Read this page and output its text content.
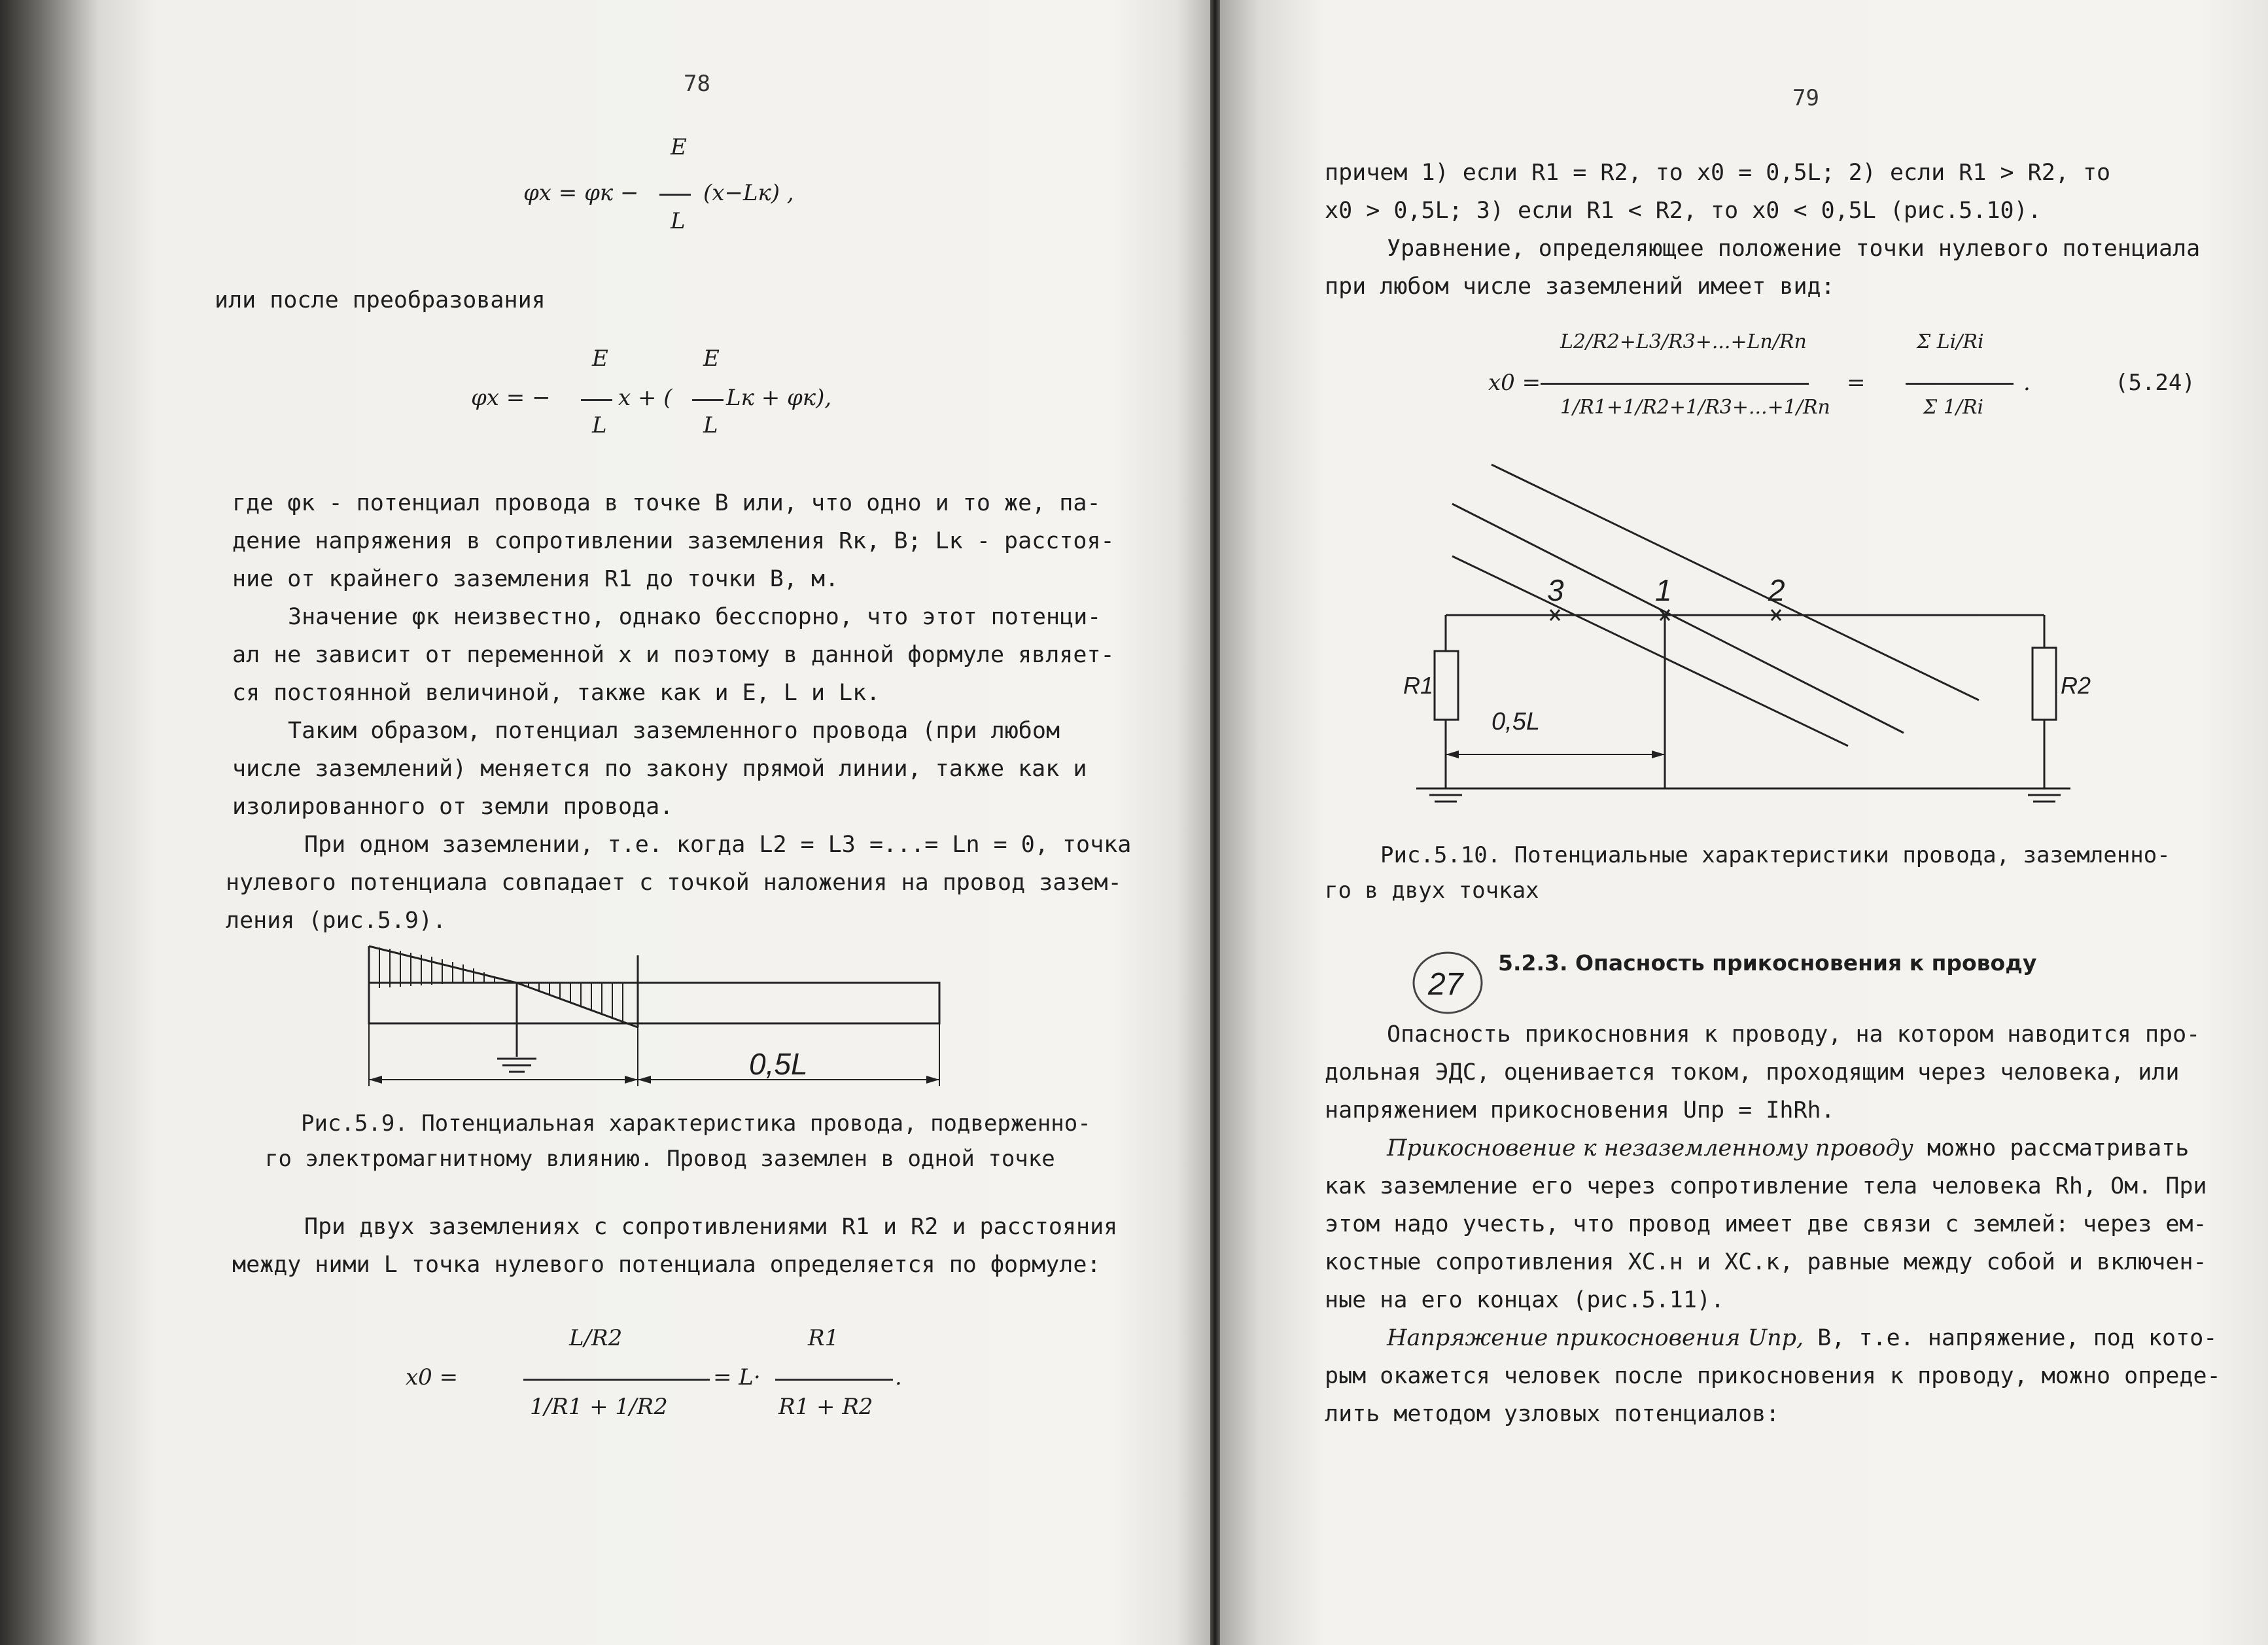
78
E
φx = φк −	(x−Lк) ,
L
или после преобразования
E	E
φx = −	x + ( Lк + φк),
L	L
где φк - потенциал провода в точке B или, что одно и то же, па-
дение напряжения в сопротивлении заземления Rк, В; Lк - расстоя-
ние от крайнего заземления R1 до точки B, м.
Значение φк неизвестно, однако бесспорно, что этот потенци-
ал не зависит от переменной x и поэтому в данной формуле являет-
ся постоянной величиной, также как и E, L и Lк.
Таким образом, потенциал заземленного провода (при любом
числе заземлений) меняется по закону прямой линии, также как и
изолированного от земли провода.
При одном заземлении, т.е. когда L2 = L3 =...= Ln = 0, точка
нулевого потенциала совпадает с точкой наложения на провод зазем-
ления (рис.5.9).
0,5L
Рис.5.9. Потенциальная характеристика провода, подверженно-
го электромагнитному влиянию. Провод заземлен в одной точке
При двух заземлениях с сопротивлениями R1 и R2 и расстояния
между ними L точка нулевого потенциала определяется по формуле:
L/R2	R1
x0 =	= L·	.
1/R1 + 1/R2	R1 + R2
79
причем 1) если R1 = R2, то x0 = 0,5L; 2) если R1 > R2, то
x0 > 0,5L; 3) если R1 < R2, то x0 < 0,5L (рис.5.10).
Уравнение, определяющее положение точки нулевого потенциала
при любом числе заземлений имеет вид:
L2/R2+L3/R3+...+Ln/Rn	Σ Li/Ri
x0 =	=	.	(5.24)
1/R1+1/R2+1/R3+...+1/Rn	Σ 1/Ri
3	1	2
R1	R2
0,5L
Рис.5.10. Потенциальные характеристики провода, заземленно-
го в двух точках
27
5.2.3. Опасность прикосновения к проводу
Опасность прикосновния к проводу, на котором наводится про-
дольная ЭДС, оценивается током, проходящим через человека, или
напряжением прикосновения Uпр = IhRh.
Прикосновение к незаземленному проводу можно рассматривать
как заземление его через сопротивление тела человека Rh, Ом. При
этом надо учесть, что провод имеет две связи с землей: через ем-
костные сопротивления XС.н и XС.к, равные между собой и включен-
ные на его концах (рис.5.11).
Напряжение прикосновения Uпр, В, т.е. напряжение, под кото-
рым окажется человек после прикосновения к проводу, можно опреде-
лить методом узловых потенциалов:
